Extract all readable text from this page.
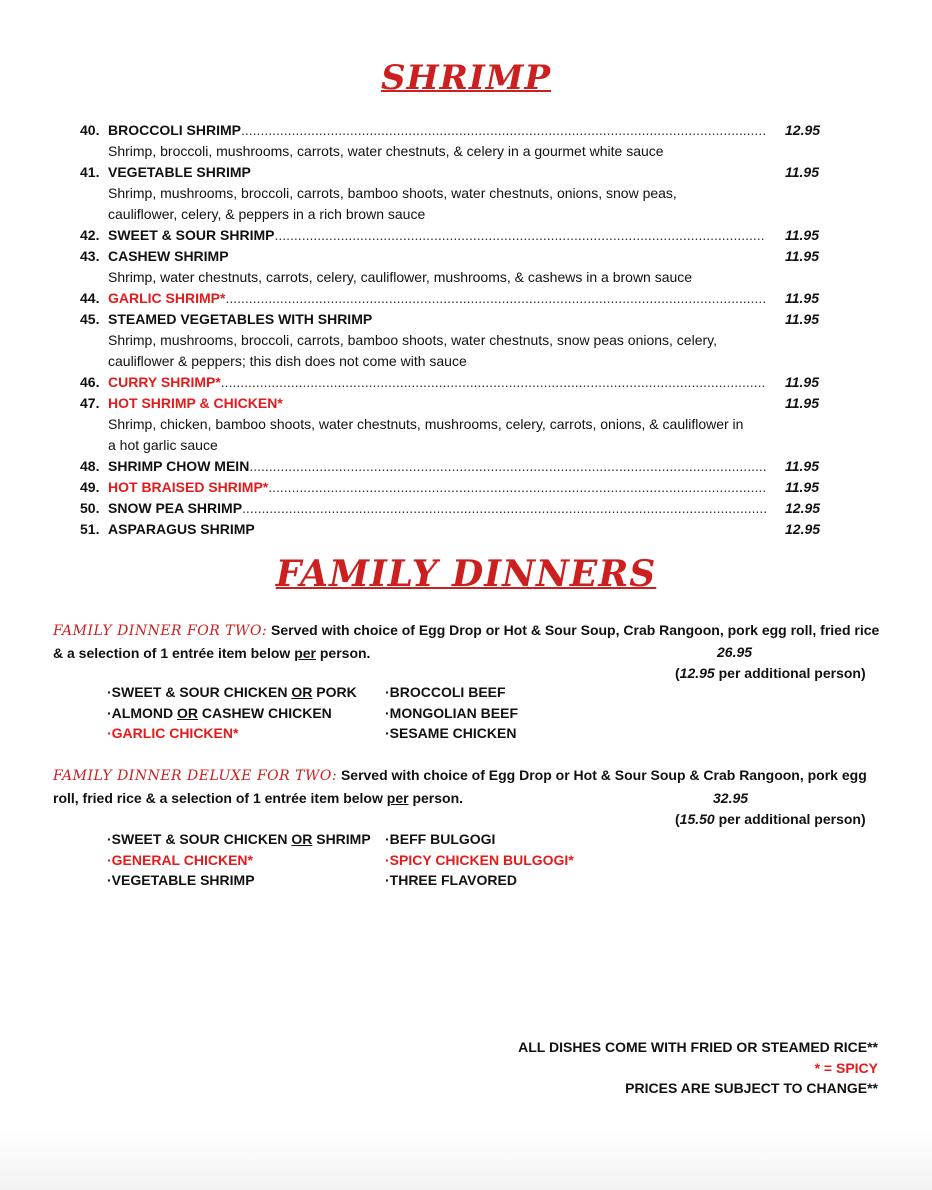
SHRIMP
40. BROCCOLI SHRIMP .....	12.95
Shrimp, broccoli, mushrooms, carrots, water chestnuts, & celery in a gourmet white sauce
41. VEGETABLE SHRIMP	11.95
Shrimp, mushrooms, broccoli, carrots, bamboo shoots, water chestnuts, onions, snow peas, cauliflower, celery, & peppers in a rich brown sauce
42. SWEET & SOUR SHRIMP .....	11.95
43. CASHEW SHRIMP	11.95
Shrimp, water chestnuts, carrots, celery, cauliflower, mushrooms, & cashews in a brown sauce
44. GARLIC SHRIMP* .....	11.95
45. STEAMED VEGETABLES WITH SHRIMP	11.95
Shrimp, mushrooms, broccoli, carrots, bamboo shoots, water chestnuts, snow peas onions, celery, cauliflower & peppers; this dish does not come with sauce
46. CURRY SHRIMP* .....	11.95
47. HOT SHRIMP & CHICKEN*	11.95
Shrimp, chicken, bamboo shoots, water chestnuts, mushrooms, celery, carrots, onions, & cauliflower in a hot garlic sauce
48. SHRIMP CHOW MEIN .....	11.95
49. HOT BRAISED SHRIMP* .....	11.95
50. SNOW PEA SHRIMP .....	12.95
51. ASPARAGUS SHRIMP	12.95
FAMILY DINNERS
FAMILY DINNER FOR TWO: Served with choice of Egg Drop or Hot & Sour Soup, Crab Rangoon, pork egg roll, fried rice & a selection of 1 entrée item below per person.	26.95
(12.95 per additional person)
·SWEET & SOUR CHICKEN OR PORK
·ALMOND OR CASHEW CHICKEN
·GARLIC CHICKEN*
·BROCCOLI BEEF
·MONGOLIAN BEEF
·SESAME CHICKEN
FAMILY DINNER DELUXE FOR TWO: Served with choice of Egg Drop or Hot & Sour Soup & Crab Rangoon, pork egg roll, fried rice & a selection of 1 entrée item below per person.	32.95
(15.50 per additional person)
·SWEET & SOUR CHICKEN OR SHRIMP
·GENERAL CHICKEN*
·VEGETABLE SHRIMP
·BEFF BULGOGI
·SPICY CHICKEN BULGOGI*
·THREE FLAVORED
ALL DISHES COME WITH FRIED OR STEAMED RICE**
* = SPICY
PRICES ARE SUBJECT TO CHANGE**
